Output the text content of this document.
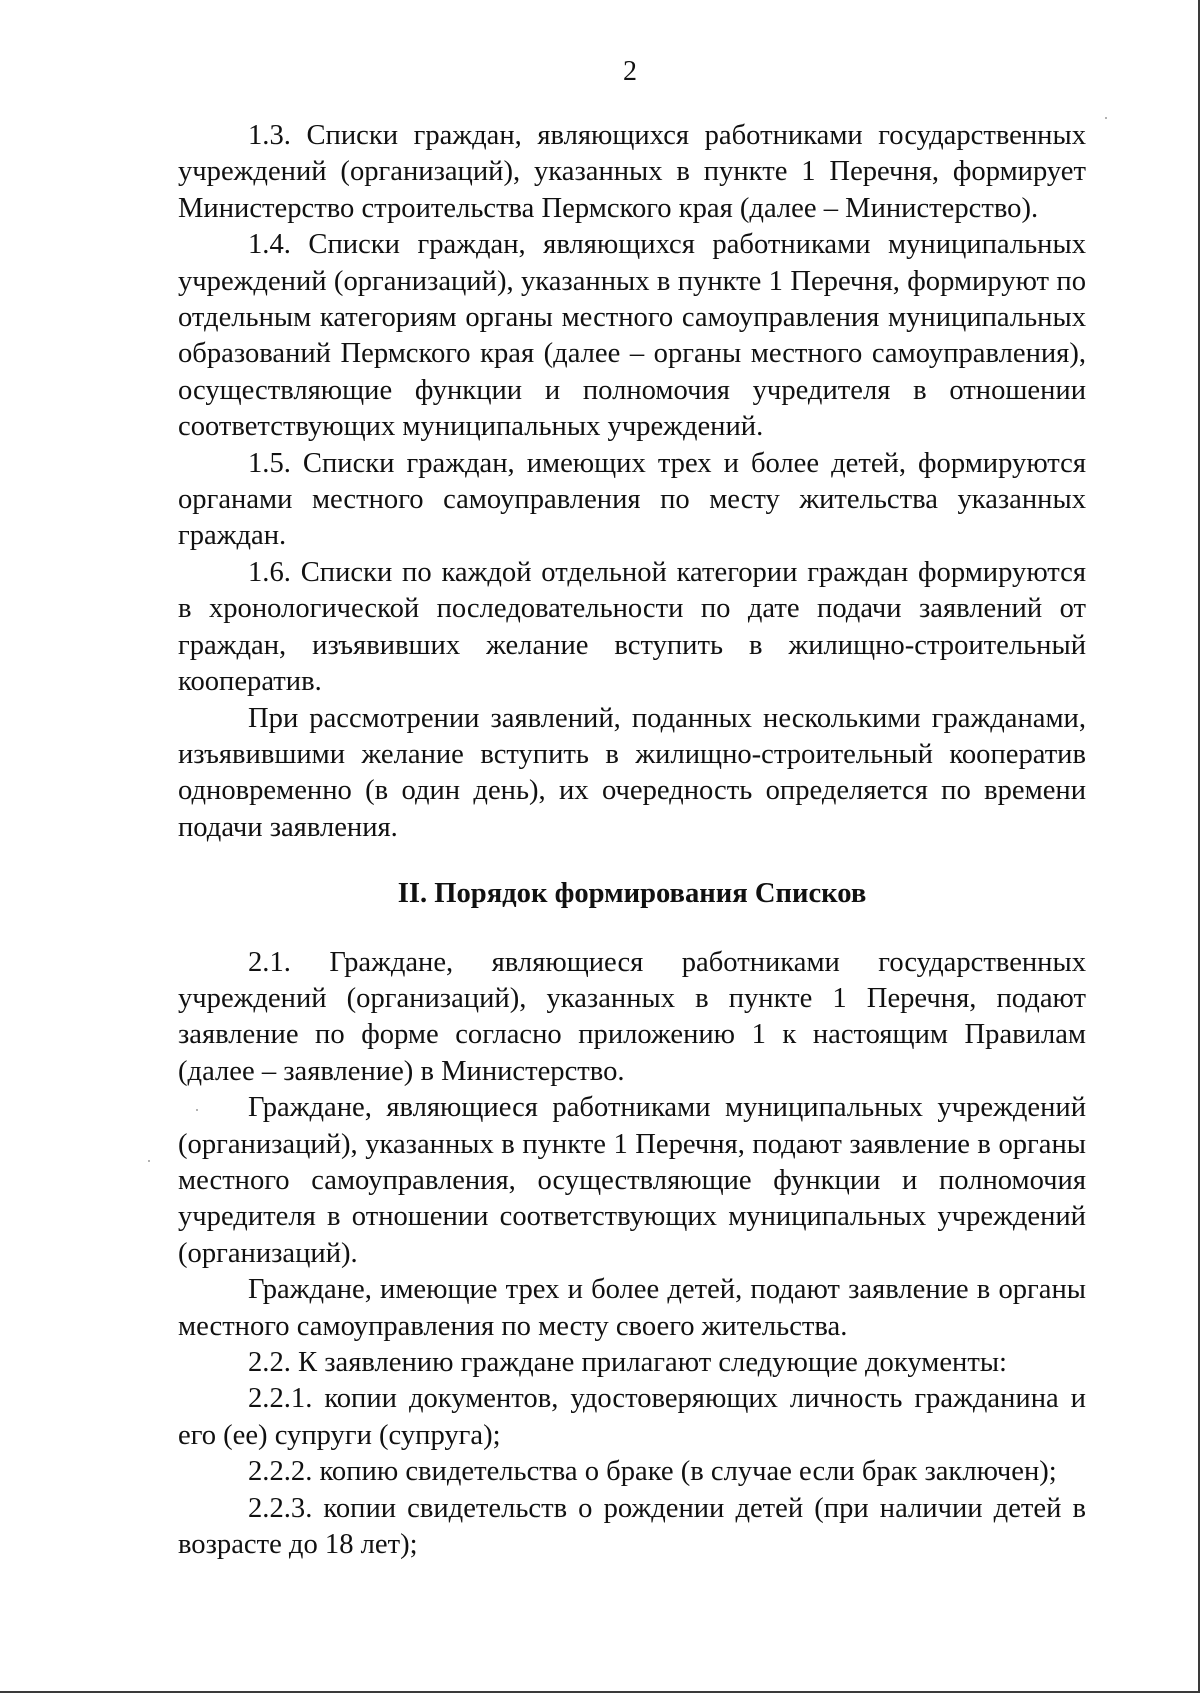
2

1.3. Списки граждан, являющихся работниками государственных учреждений (организаций), указанных в пункте 1 Перечня, формирует Министерство строительства Пермского края (далее – Министерство).

1.4. Списки граждан, являющихся работниками муниципальных учреждений (организаций), указанных в пункте 1 Перечня, формируют по отдельным категориям органы местного самоуправления муниципальных образований Пермского края (далее – органы местного самоуправления), осуществляющие функции и полномочия учредителя в отношении соответствующих муниципальных учреждений.

1.5. Списки граждан, имеющих трех и более детей, формируются органами местного самоуправления по месту жительства указанных граждан.

1.6. Списки по каждой отдельной категории граждан формируются в хронологической последовательности по дате подачи заявлений от граждан, изъявивших желание вступить в жилищно-строительный кооператив.

При рассмотрении заявлений, поданных несколькими гражданами, изъявившими желание вступить в жилищно-строительный кооператив одновременно (в один день), их очередность определяется по времени подачи заявления.

II. Порядок формирования Списков

2.1. Граждане, являющиеся работниками государственных учреждений (организаций), указанных в пункте 1 Перечня, подают заявление по форме согласно приложению 1 к настоящим Правилам (далее – заявление) в Министерство.

Граждане, являющиеся работниками муниципальных учреждений (организаций), указанных в пункте 1 Перечня, подают заявление в органы местного самоуправления, осуществляющие функции и полномочия учредителя в отношении соответствующих муниципальных учреждений (организаций).

Граждане, имеющие трех и более детей, подают заявление в органы местного самоуправления по месту своего жительства.

2.2. К заявлению граждане прилагают следующие документы:

2.2.1. копии документов, удостоверяющих личность гражданина и его (ее) супруги (супруга);

2.2.2. копию свидетельства о браке (в случае если брак заключен);

2.2.3. копии свидетельств о рождении детей (при наличии детей в возрасте до 18 лет);
